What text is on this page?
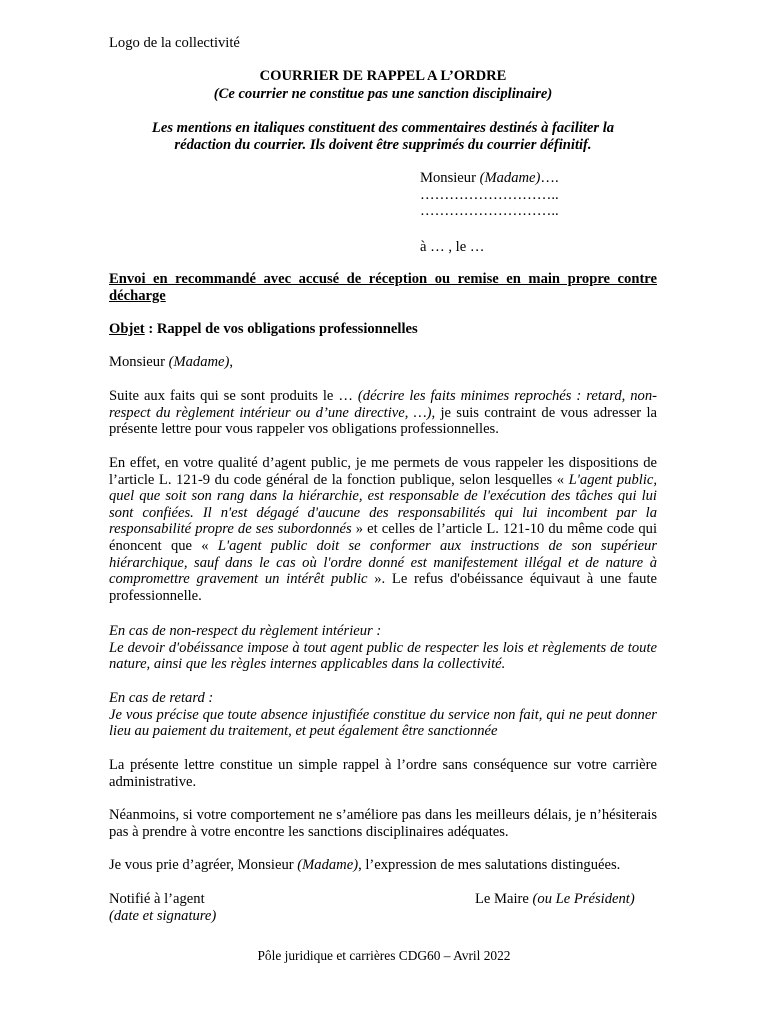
Logo de la collectivité
COURRIER DE RAPPEL A L’ORDRE
(Ce courrier ne constitue pas une sanction disciplinaire)
Les mentions en italiques constituent des commentaires destinés à faciliter la rédaction du courrier. Ils doivent être supprimés du courrier définitif.
Monsieur (Madame)….
………………………..
………………………..
à … , le …

Envoi en recommandé avec accusé de réception ou remise en main propre contre décharge

Objet : Rappel de vos obligations professionnelles

Monsieur (Madame),

Suite aux faits qui se sont produits le … (décrire les faits minimes reprochés : retard, non-respect du règlement intérieur ou d’une directive, …), je suis contraint de vous adresser la présente lettre pour vous rappeler vos obligations professionnelles.

En effet, en votre qualité d’agent public, je me permets de vous rappeler les dispositions de l’article L. 121-9 du code général de la fonction publique, selon lesquelles « L'agent public, quel que soit son rang dans la hiérarchie, est responsable de l'exécution des tâches qui lui sont confiées. Il n'est dégagé d'aucune des responsabilités qui lui incombent par la responsabilité propre de ses subordonnés » et celles de l’article L. 121-10 du même code qui énoncent que « L'agent public doit se conformer aux instructions de son supérieur hiérarchique, sauf dans le cas où l'ordre donné est manifestement illégal et de nature à compromettre gravement un intérêt public ». Le refus d'obéissance équivaut à une faute professionnelle.

En cas de non-respect du règlement intérieur :
Le devoir d'obéissance impose à tout agent public de respecter les lois et règlements de toute nature, ainsi que les règles internes applicables dans la collectivité.
En cas de retard :
Je vous précise que toute absence injustifiée constitue du service non fait, qui ne peut donner lieu au paiement du traitement, et peut également être sanctionnée

La présente lettre constitue un simple rappel à l’ordre sans conséquence sur votre carrière administrative.

Néanmoins, si votre comportement ne s’améliore pas dans les meilleurs délais, je n’hésiterais pas à prendre à votre encontre les sanctions disciplinaires adéquates.

Je vous prie d’agréer, Monsieur (Madame), l’expression de mes salutations distinguées.

Notifié à l’agent
(date et signature)
Le Maire (ou Le Président)
Pôle juridique et carrières CDG60 – Avril 2022
